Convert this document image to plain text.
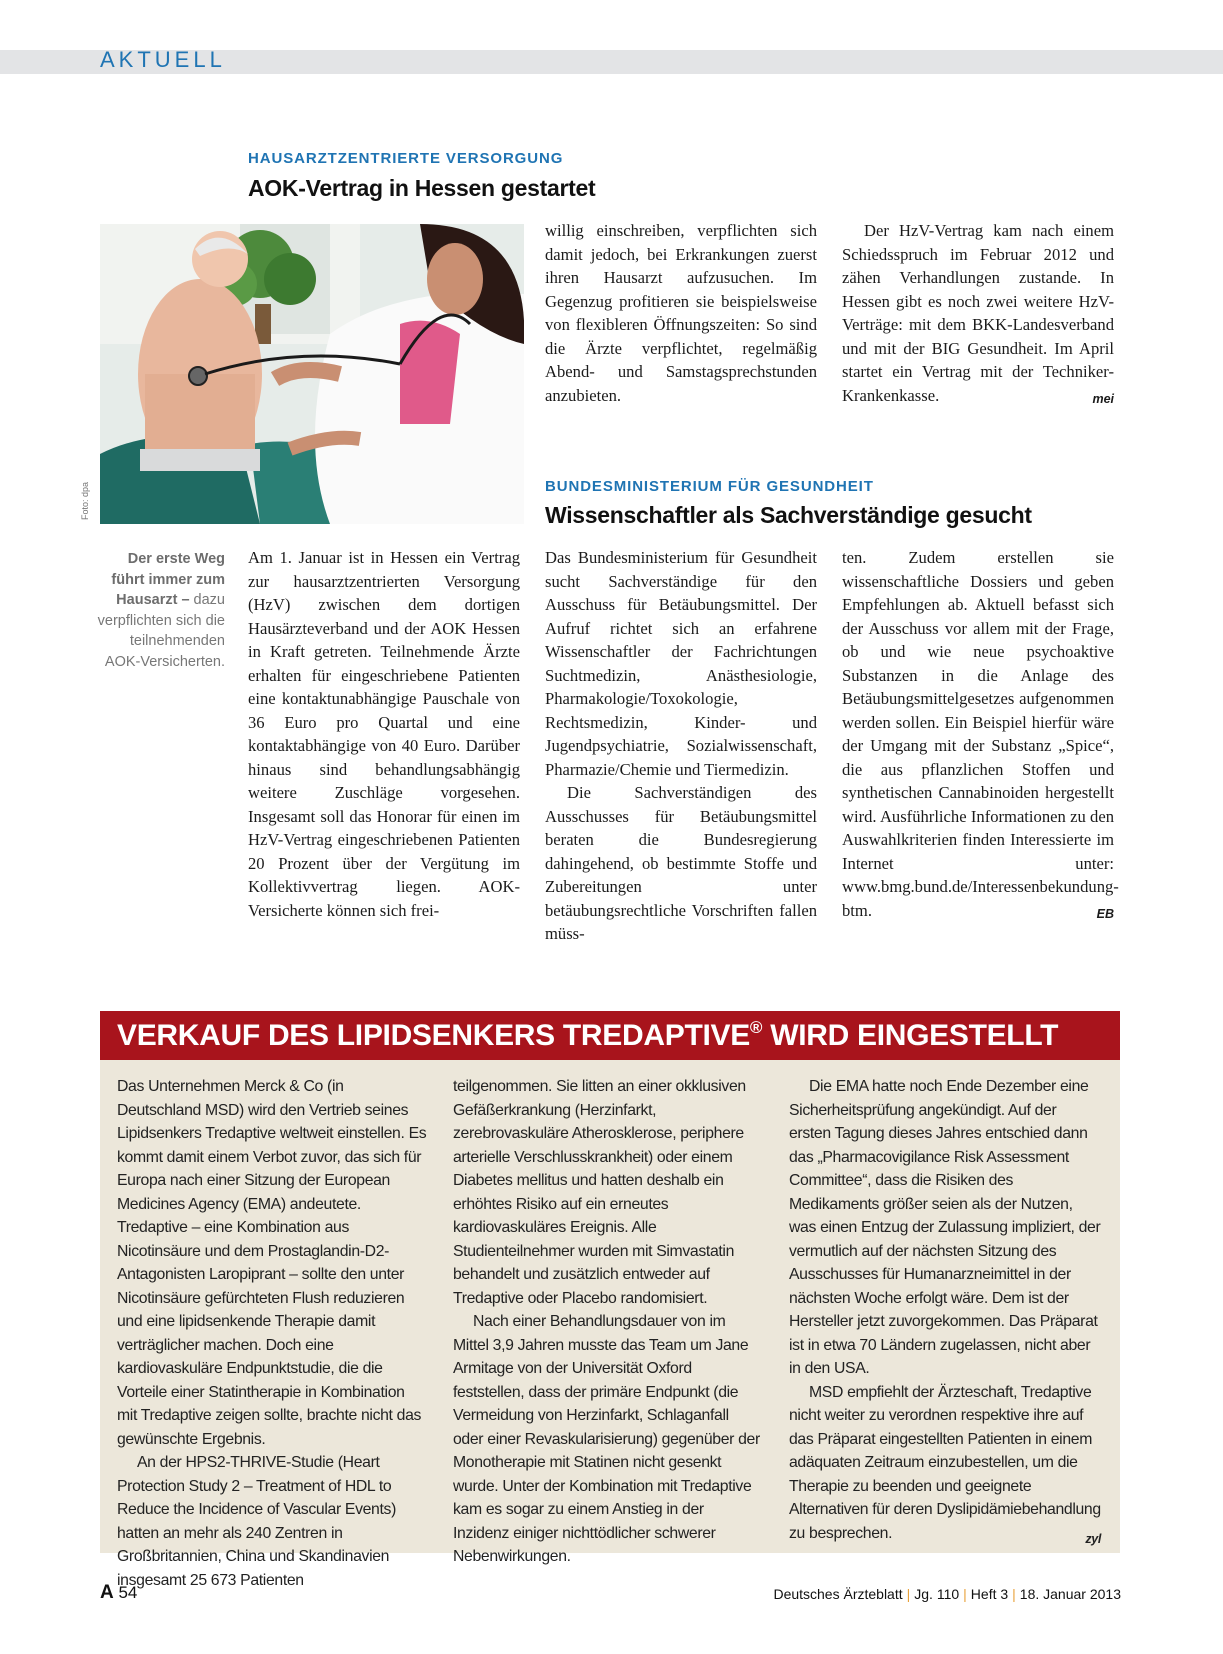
AKTUELL
HAUSARZTZENTRIERTE VERSORGUNG
AOK-Vertrag in Hessen gestartet
Foto: dpa
Der erste Weg führt immer zum Hausarzt – dazu verpflichten sich die teilnehmenden AOK-Versicherten.

Am 1. Januar ist in Hessen ein Vertrag zur hausarztzentrierten Versorgung (HzV) zwischen dem dortigen Hausärzteverband und der AOK Hessen in Kraft getreten. Teilnehmende Ärzte erhalten für eingeschriebene Patienten eine kontaktunabhängige Pauschale von 36 Euro pro Quartal und eine kontaktabhängige von 40 Euro. Darüber hinaus sind behandlungsabhängig weitere Zuschläge vorgesehen. Insgesamt soll das Honorar für einen im HzV-Vertrag eingeschriebenen Patienten 20 Prozent über der Vergütung im Kollektivvertrag liegen. AOK-Versicherte können sich frei-

willig einschreiben, verpflichten sich damit jedoch, bei Erkrankungen zuerst ihren Hausarzt aufzusuchen. Im Gegenzug profitieren sie beispielsweise von flexibleren Öffnungszeiten: So sind die Ärzte verpflichtet, regelmäßig Abend- und Samstagsprechstunden anzubieten.

Der HzV-Vertrag kam nach einem Schiedsspruch im Februar 2012 und zähen Verhandlungen zustande. In Hessen gibt es noch zwei weitere HzV-Verträge: mit dem BKK-Landesverband und mit der BIG Gesundheit. Im April startet ein Vertrag mit der Techniker-Krankenkasse.	mei

BUNDESMINISTERIUM FÜR GESUNDHEIT
Wissenschaftler als Sachverständige gesucht

Das Bundesministerium für Gesundheit sucht Sachverständige für den Ausschuss für Betäubungsmittel. Der Aufruf richtet sich an erfahrene Wissenschaftler der Fachrichtungen Suchtmedizin, Anästhesiologie, Pharmakologie/Toxokologie, Rechtsmedizin, Kinder- und Jugendpsychiatrie, Sozialwissenschaft, Pharmazie/Chemie und Tiermedizin.

Die Sachverständigen des Ausschusses für Betäubungsmittel beraten die Bundesregierung dahingehend, ob bestimmte Stoffe und Zubereitungen unter betäubungsrechtliche Vorschriften fallen müss-

ten. Zudem erstellen sie wissenschaftliche Dossiers und geben Empfehlungen ab. Aktuell befasst sich der Ausschuss vor allem mit der Frage, ob und wie neue psychoaktive Substanzen in die Anlage des Betäubungsmittelgesetzes aufgenommen werden sollen. Ein Beispiel hierfür wäre der Umgang mit der Substanz „Spice“, die aus pflanzlichen Stoffen und synthetischen Cannabinoiden hergestellt wird. Ausführliche Informationen zu den Auswahlkriterien finden Interessierte im Internet unter: www.bmg.bund.de/Interessenbekundung-btm.	EB

VERKAUF DES LIPIDSENKERS TREDAPTIVE® WIRD EINGESTELLT

Das Unternehmen Merck & Co (in Deutschland MSD) wird den Vertrieb seines Lipidsenkers Tredaptive weltweit einstellen. Es kommt damit einem Verbot zuvor, das sich für Europa nach einer Sitzung der European Medicines Agency (EMA) andeutete. Tredaptive – eine Kombination aus Nicotinsäure und dem Prostaglandin-D2-Antagonisten Laropiprant – sollte den unter Nicotinsäure gefürchteten Flush reduzieren und eine lipidsenkende Therapie damit verträglicher machen. Doch eine kardiovaskuläre Endpunktstudie, die die Vorteile einer Statintherapie in Kombination mit Tredaptive zeigen sollte, brachte nicht das gewünschte Ergebnis.

An der HPS2-THRIVE-Studie (Heart Protection Study 2 – Treatment of HDL to Reduce the Incidence of Vascular Events) hatten an mehr als 240 Zentren in Großbritannien, China und Skandinavien insgesamt 25 673 Patienten

teilgenommen. Sie litten an einer okklusiven Gefäßerkrankung (Herzinfarkt, zerebrovaskuläre Atherosklerose, periphere arterielle Verschlusskrankheit) oder einem Diabetes mellitus und hatten deshalb ein erhöhtes Risiko auf ein erneutes kardiovaskuläres Ereignis. Alle Studienteilnehmer wurden mit Simvastatin behandelt und zusätzlich entweder auf Tredaptive oder Placebo randomisiert.

Nach einer Behandlungsdauer von im Mittel 3,9 Jahren musste das Team um Jane Armitage von der Universität Oxford feststellen, dass der primäre Endpunkt (die Vermeidung von Herzinfarkt, Schlaganfall oder einer Revaskularisierung) gegenüber der Monotherapie mit Statinen nicht gesenkt wurde. Unter der Kombination mit Tredaptive kam es sogar zu einem Anstieg in der Inzidenz einiger nichttödlicher schwerer Nebenwirkungen.

Die EMA hatte noch Ende Dezember eine Sicherheitsprüfung angekündigt. Auf der ersten Tagung dieses Jahres entschied dann das „Pharmacovigilance Risk Assessment Committee“, dass die Risiken des Medikaments größer seien als der Nutzen, was einen Entzug der Zulassung impliziert, der vermutlich auf der nächsten Sitzung des Ausschusses für Humanarzneimittel in der nächsten Woche erfolgt wäre. Dem ist der Hersteller jetzt zuvorgekommen. Das Präparat ist in etwa 70 Ländern zugelassen, nicht aber in den USA.

MSD empfiehlt der Ärzteschaft, Tredaptive nicht weiter zu verordnen respektive ihre auf das Präparat eingestellten Patienten in einem adäquaten Zeitraum einzubestellen, um die Therapie zu beenden und geeignete Alternativen für deren Dyslipidämiebehandlung zu besprechen.	zyl

A 54	Deutsches Ärzteblatt | Jg. 110 | Heft 3 | 18. Januar 2013
